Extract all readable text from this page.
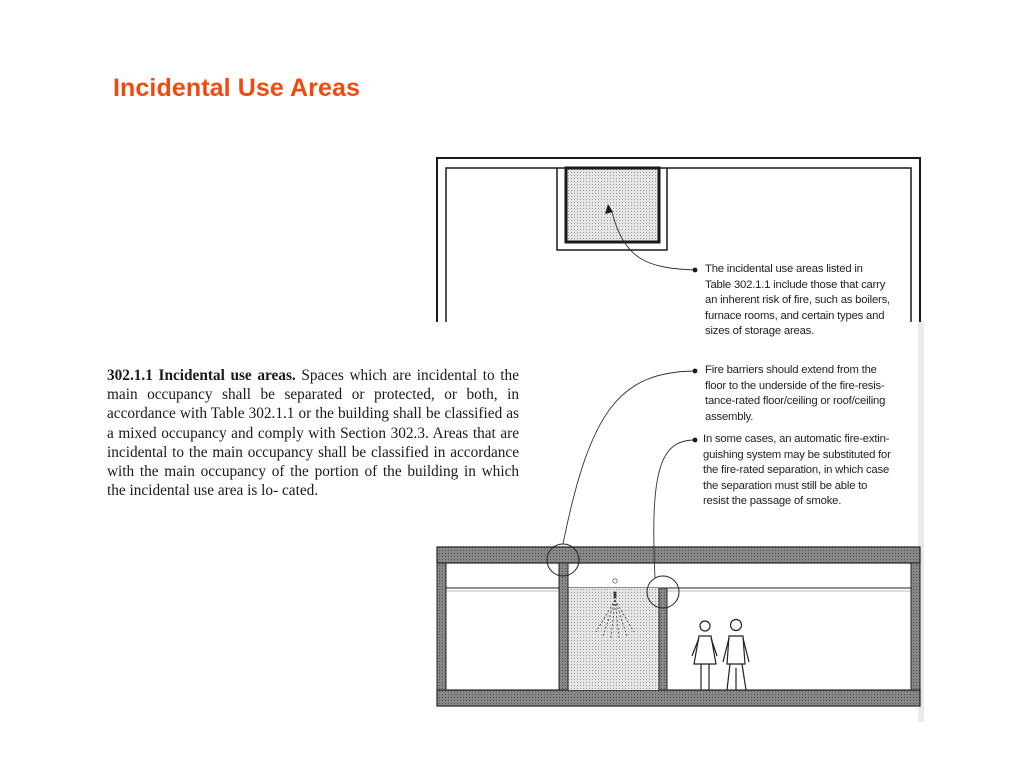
Incidental Use Areas
302.1.1 Incidental use areas. Spaces which are incidental to the main occupancy shall be separated or protected, or both, in accordance with Table 302.1.1 or the building shall be classified as a mixed occupancy and comply with Section 302.3. Areas that are incidental to the main occupancy shall be classified in accordance with the main occupancy of the portion of the building in which the incidental use area is lo- cated.
The incidental use areas listed in
Table 302.1.1 include those that carry
an inherent risk of fire, such as boilers,
furnace rooms, and certain types and
sizes of storage areas.
Fire barriers should extend from the
floor to the underside of the fire-resis-
tance-rated floor/ceiling or roof/ceiling
assembly.
In some cases, an automatic fire-extin-
guishing system may be substituted for
the fire-rated separation, in which case
the separation must still be able to
resist the passage of smoke.
